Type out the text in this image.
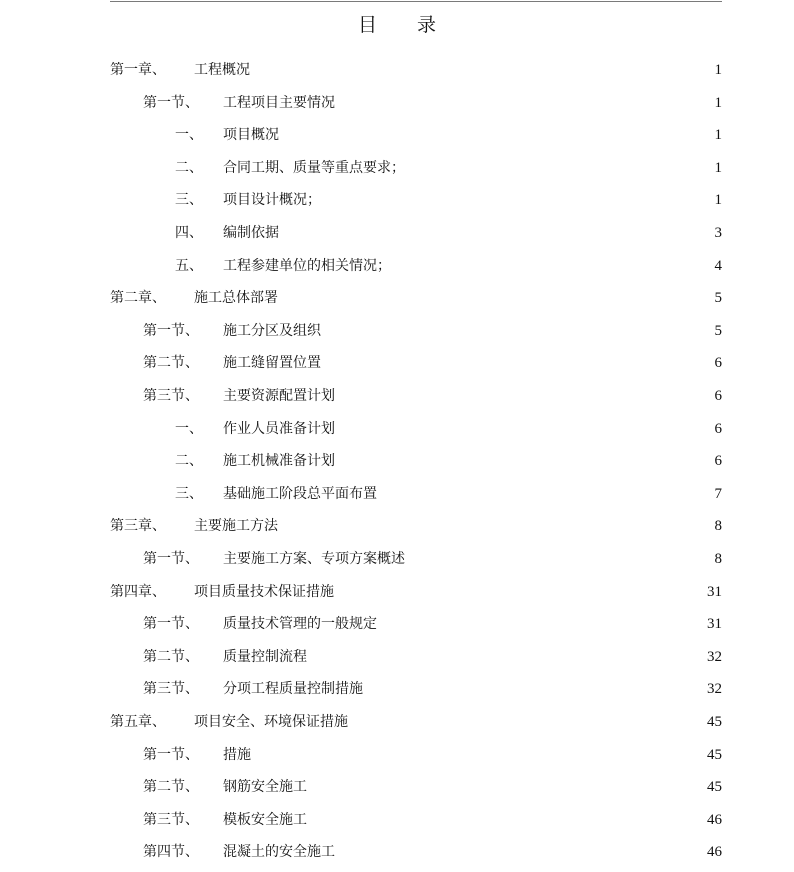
目录
第一章、	工程概况	1
第一节、	工程项目主要情况	1
一、	项目概况	1
二、	合同工期、质量等重点要求；	1
三、	项目设计概况；	1
四、	编制依据	3
五、	工程参建单位的相关情况；	4
第二章、	施工总体部署	5
第一节、	施工分区及组织	5
第二节、	施工缝留置位置	6
第三节、	主要资源配置计划	6
一、	作业人员准备计划	6
二、	施工机械准备计划	6
三、	基础施工阶段总平面布置	7
第三章、	主要施工方法	8
第一节、	主要施工方案、专项方案概述	8
第四章、	项目质量技术保证措施	31
第一节、	质量技术管理的一般规定	31
第二节、	质量控制流程	32
第三节、	分项工程质量控制措施	32
第五章、	项目安全、环境保证措施	45
第一节、	措施	45
第二节、	钢筋安全施工	45
第三节、	模板安全施工	46
第四节、	混凝土的安全施工	46
